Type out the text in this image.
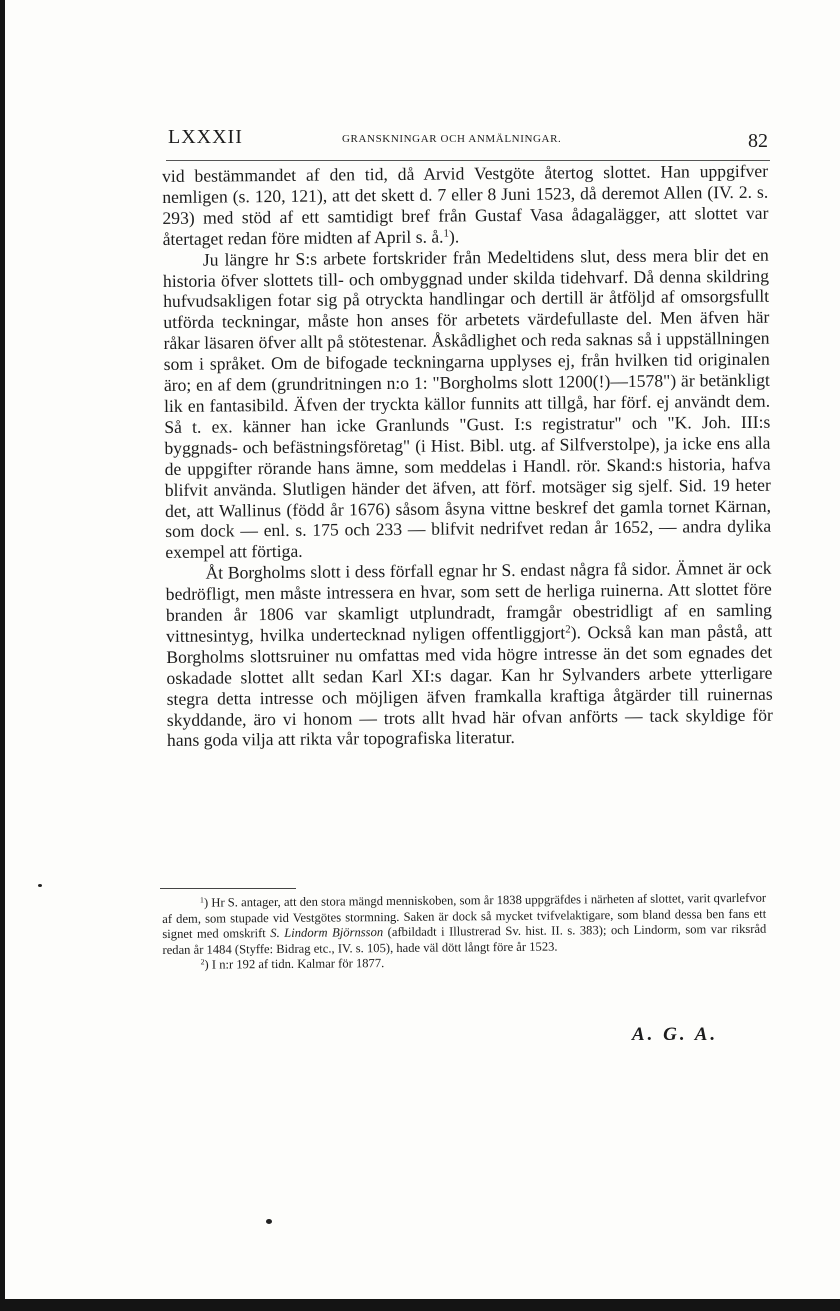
LXXXII	GRANSKNINGAR OCH ANMÄLNINGAR.	82

vid bestämmandet af den tid, då Arvid Vestgöte återtog slottet. Han uppgifver nemligen (s. 120, 121), att det skett d. 7 eller 8 Juni 1523, då deremot Allen (IV. 2. s. 293) med stöd af ett samtidigt bref från Gustaf Vasa ådagalägger, att slottet var återtaget redan före midten af April s. å.$^1$).

Ju längre hr S:s arbete fortskrider från Medeltidens slut, dess mera blir det en historia öfver slottets till- och ombyggnad under skilda tidehvarf. Då denna skildring hufvudsakligen fotar sig på otryckta handlingar och dertill är åtföljd af omsorgsfullt utförda teckningar, måste hon anses för arbetets värdefullaste del. Men äfven här råkar läsaren öfver allt på stötestenar. Åskådlighet och reda saknas så i uppställningen som i språket. Om de bifogade teckningarna upplyses ej, från hvilken tid originalen äro; en af dem (grundritningen n:o 1: "Borgholms slott 1200(!)—1578") är betänkligt lik en fantasibild. Äfven der tryckta källor funnits att tillgå, har förf. ej användt dem. Så t. ex. känner han icke Granlunds "Gust. I:s registratur" och "K. Joh. III:s byggnads- och befästningsföretag" (i Hist. Bibl. utg. af Silfverstolpe), ja icke ens alla de uppgifter rörande hans ämne, som meddelas i Handl. rör. Skand:s historia, hafva blifvit använda. Slutligen händer det äfven, att förf. motsäger sig sjelf. Sid. 19 heter det, att Wallinus (född år 1676) såsom åsyna vittne beskref det gamla tornet Kärnan, som dock — enl. s. 175 och 233 — blifvit nedrifvet redan år 1652, — andra dylika exempel att förtiga.

Åt Borgholms slott i dess förfall egnar hr S. endast några få sidor. Ämnet är ock bedröfligt, men måste intressera en hvar, som sett de herliga ruinerna. Att slottet före branden år 1806 var skamligt utplundradt, framgår obestridligt af en samling vittnesintyg, hvilka undertecknad nyligen offentliggjort$^2$). Också kan man påstå, att Borgholms slottsruiner nu omfattas med vida högre intresse än det som egnades det oskadade slottet allt sedan Karl XI:s dagar. Kan hr Sylvanders arbete ytterligare stegra detta intresse och möjligen äfven framkalla kraftiga åtgärder till ruinernas skyddande, äro vi honom — trots allt hvad här ofvan anförts — tack skyldige för hans goda vilja att rikta vår topografiska literatur.

$^1$) Hr S. antager, att den stora mängd menniskoben, som år 1838 uppgräfdes i närheten af slottet, varit qvarlefvor af dem, som stupade vid Vestgötes stormning. Saken är dock så mycket tvifvelaktigare, som bland dessa ben fans ett signet med omskrift S. Lindorm Björnsson (afbildadt i Illustrerad Sv. hist. II. s. 383); och Lindorm, som var riksråd redan år 1484 (Styffe: Bidrag etc., IV. s. 105), hade väl dött långt före år 1523.

$^2$) I n:r 192 af tidn. Kalmar för 1877.

A. G. A.
